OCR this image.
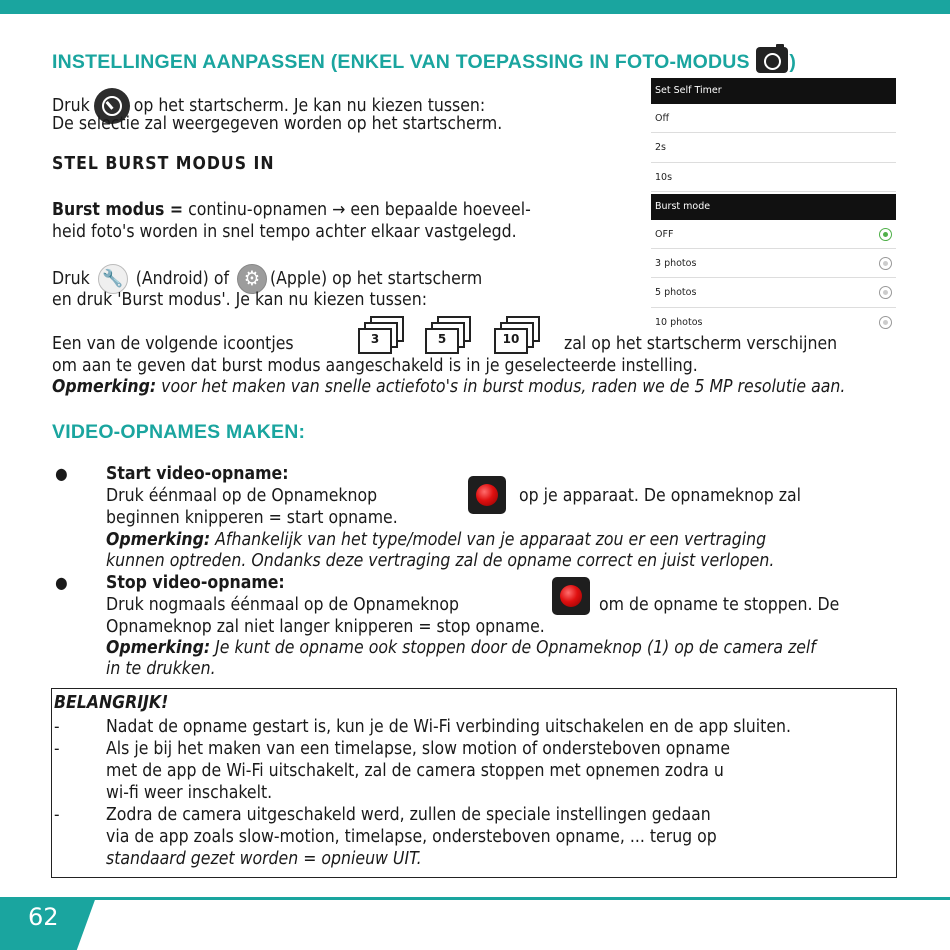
INSTELLINGEN AANPASSEN (ENKEL VAN TOEPASSING IN FOTO-MODUS )
Druk	op het startscherm. Je kan nu kiezen tussen:
De selectie zal weergegeven worden op het startscherm.
STEL BURST MODUS IN
Burst modus = continu-opnamen → een bepaalde hoeveel-
heid foto's worden in snel tempo achter elkaar vastgelegd.
Druk 🔧 (Android) of ⚙ (Apple) op het startscherm
en druk 'Burst modus'. Je kan nu kiezen tussen:
Een van de volgende icoontjes	3	5	10	zal op het startscherm verschijnen
om aan te geven dat burst modus aangeschakeld is in je geselecteerde instelling.
Opmerking: voor het maken van snelle actiefoto's in burst modus, raden we de 5 MP resolutie aan.
Set Self Timer
Off
2s
10s
Burst mode
OFF
3 photos
5 photos
10 photos
VIDEO-OPNAMES MAKEN:
● Start video-opname:
Druk éénmaal op de Opnameknop	op je apparaat. De opnameknop zal
beginnen knipperen = start opname.
Opmerking: Afhankelijk van het type/model van je apparaat zou er een vertraging
kunnen optreden. Ondanks deze vertraging zal de opname correct en juist verlopen.
● Stop video-opname:
Druk nogmaals éénmaal op de Opnameknop	om de opname te stoppen. De
Opnameknop zal niet langer knipperen = stop opname.
Opmerking: Je kunt de opname ook stoppen door de Opnameknop (1) op de camera zelf
in te drukken.
BELANGRIJK!
-	Nadat de opname gestart is, kun je de Wi-Fi verbinding uitschakelen en de app sluiten.
-	Als je bij het maken van een timelapse, slow motion of ondersteboven opname
met de app de Wi-Fi uitschakelt, zal de camera stoppen met opnemen zodra u
wi-fi weer inschakelt.
-	Zodra de camera uitgeschakeld werd, zullen de speciale instellingen gedaan
via de app zoals slow-motion, timelapse, ondersteboven opname, ... terug op
standaard gezet worden = opnieuw UIT.
62
